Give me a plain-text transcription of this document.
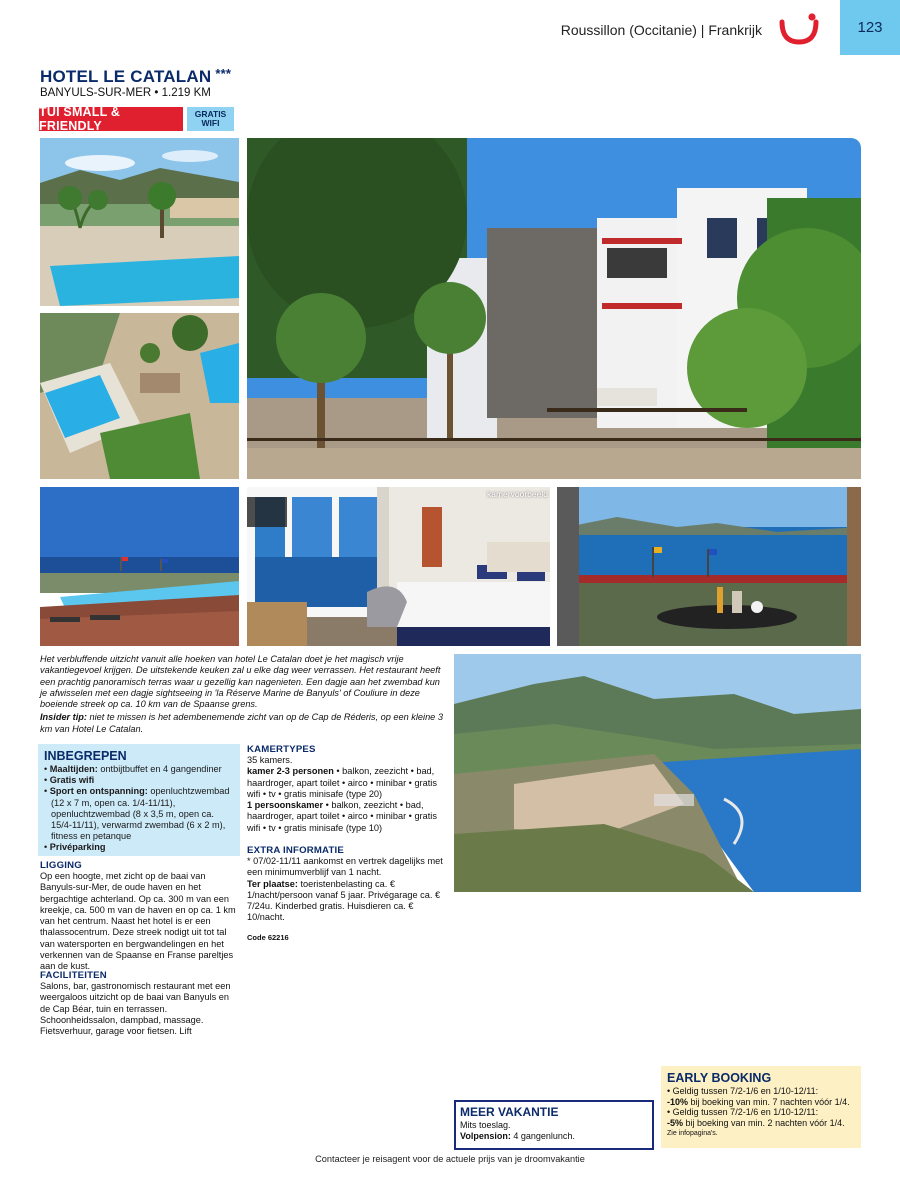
Roussillon (Occitanie) | Frankrijk	123
HOTEL LE CATALAN ***
BANYULS-SUR-MER • 1.219 KM
TUI SMALL & FRIENDLY
GRATIS
WIFI
kamervoorbeeld

Het verbluffende uitzicht vanuit alle hoeken van hotel Le Catalan doet je het magisch vrije vakantiegevoel krijgen. De uitstekende keuken zal u elke dag weer verrassen. Het restaurant heeft een prachtig panoramisch terras waar u gezellig kan nagenieten. Een dagje aan het zwembad kun je afwisselen met een dagje sightseeing in 'la Réserve Marine de Banyuls' of Couliure in deze boeiende streek op ca. 10 km van de Spaanse grens.

Insider tip: niet te missen is het adembenemende zicht van op de Cap de Réderis, op een kleine 3 km van Hotel Le Catalan.

INBEGREPEN
• Maaltijden: ontbijtbuffet en 4 gangendiner
• Gratis wifi
• Sport en ontspanning: openluchtzwembad (12 x 7 m, open ca. 1/4-11/11), openluchtzwembad (8 x 3,5 m, open ca. 15/4-11/11), verwarmd zwembad (6 x 2 m), fitness en petanque
• Privéparking
LIGGING
Op een hoogte, met zicht op de baai van Banyuls-sur-Mer, de oude haven en het bergachtige achterland. Op ca. 300 m van een kreekje, ca. 500 m van de haven en op ca. 1 km van het centrum. Naast het hotel is er een thalassocentrum. Deze streek nodigt uit tot tal van watersporten en bergwandelingen en het verkennen van de Spaanse en Franse pareltjes aan de kust.
FACILITEITEN
Salons, bar, gastronomisch restaurant met een weergaloos uitzicht op de baai van Banyuls en de Cap Béar, tuin en terrassen. Schoonheidssalon, dampbad, massage. Fietsverhuur, garage voor fietsen. Lift
KAMERTYPES
35 kamers.
kamer 2-3 personen • balkon, zeezicht • bad, haardroger, apart toilet • airco • minibar • gratis wifi • tv • gratis minisafe (type 20)
1 persoonskamer • balkon, zeezicht • bad, haardroger, apart toilet • airco • minibar • gratis wifi • tv • gratis minisafe (type 10)
EXTRA INFORMATIE
* 07/02-11/11 aankomst en vertrek dagelijks met een minimumverblijf van 1 nacht.
Ter plaatse: toeristenbelasting ca. € 1/nacht/persoon vanaf 5 jaar. Privégarage ca. € 7/24u. Kinderbed gratis. Huisdieren ca. € 10/nacht.
Code 62216
MEER VAKANTIE
Mits toeslag.
Volpension: 4 gangenlunch.
EARLY BOOKING
• Geldig tussen 7/2-1/6 en 1/10-12/11:
-10% bij boeking van min. 7 nachten vóór 1/4.
• Geldig tussen 7/2-1/6 en 1/10-12/11:
-5% bij boeking van min. 2 nachten vóór 1/4.
Zie infopagina's.
Contacteer je reisagent voor de actuele prijs van je droomvakantie
